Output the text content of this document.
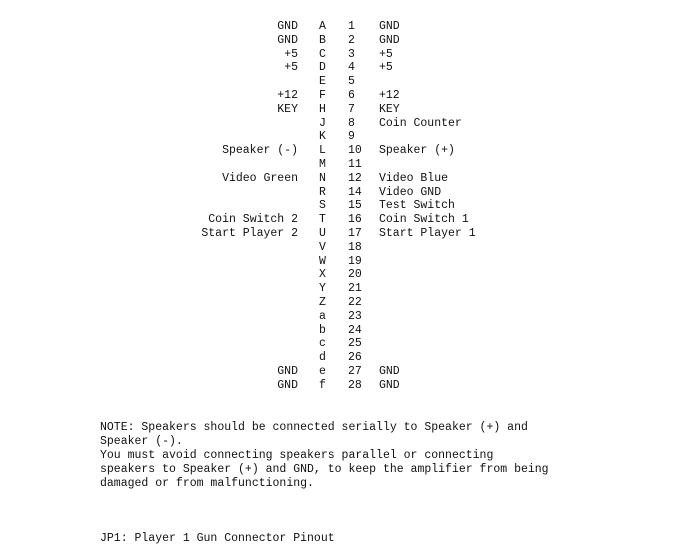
GND A 1 GND
GND B 2 GND
+5 C 3 +5
+5 D 4 +5
E 5
+12 F 6 +12
KEY H 7 KEY
J 8 Coin Counter
K 9
Speaker (-) L 10 Speaker (+)
M 11
Video Green N 12 Video Blue
R 14 Video GND
S 15 Test Switch
Coin Switch 2 T 16 Coin Switch 1
Start Player 2 U 17 Start Player 1
V 18
W 19
X 20
Y 21
Z 22
a 23
b 24
c 25
d 26
GND e 27 GND
GND f 28 GND
NOTE: Speakers should be connected serially to Speaker (+) and
Speaker (-).
You must avoid connecting speakers parallel or connecting
speakers to Speaker (+) and GND, to keep the amplifier from being
damaged or from malfunctioning.
JP1: Player 1 Gun Connector Pinout
